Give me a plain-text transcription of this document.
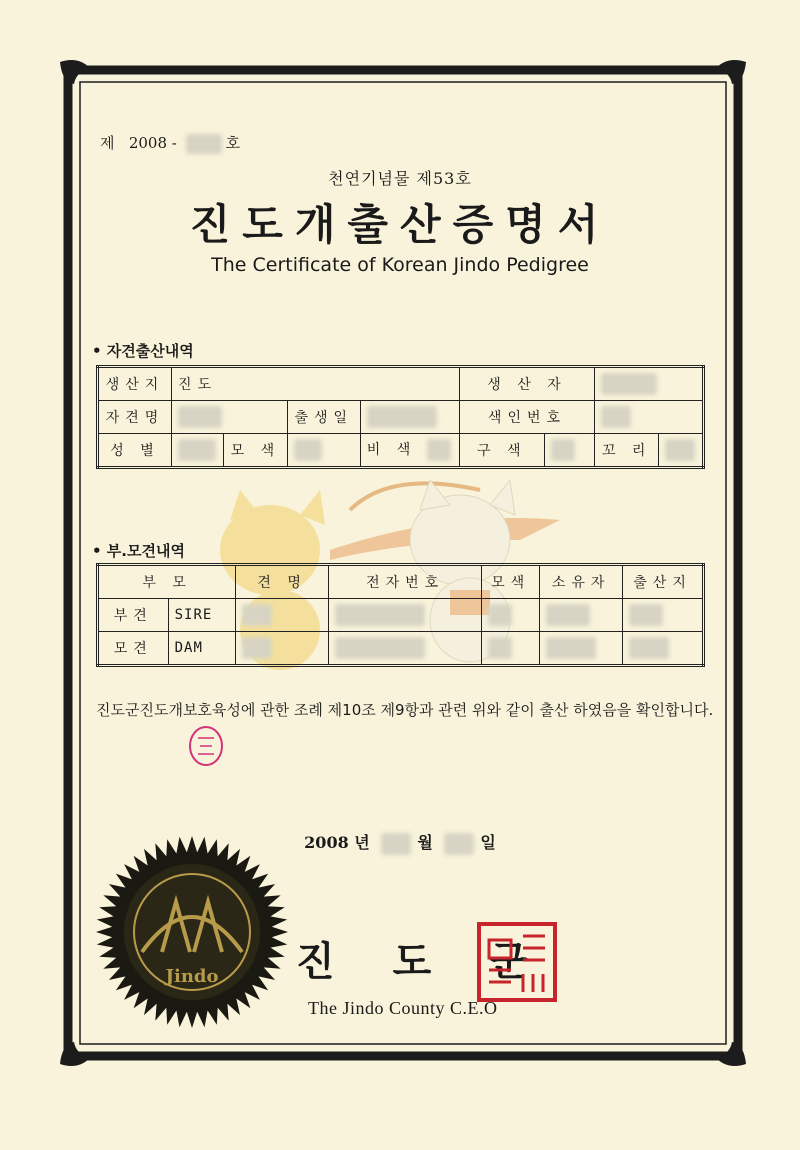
제 2008 -	호
천연기념물 제53호
진도개출산증명서
The Certificate of Korean Jindo Pedigree
• 자견출산내역
생산지	진도				생 산 자			
자견명			출생일		색인번호			
성 별		모 색		비 색	구 색		꼬 리	
• 부.모견내역
부 모		견 명	전자번호	모색	소유자	출산지
부견	SIRE					
모견	DAM					
진도군진도개보호육성에 관한 조례 제10조 제9항과 관련 위와 같이 출산 하였음을 확인합니다.
2008 년	월	일
Jindo 진 도 군
The Jindo County C.E.O
